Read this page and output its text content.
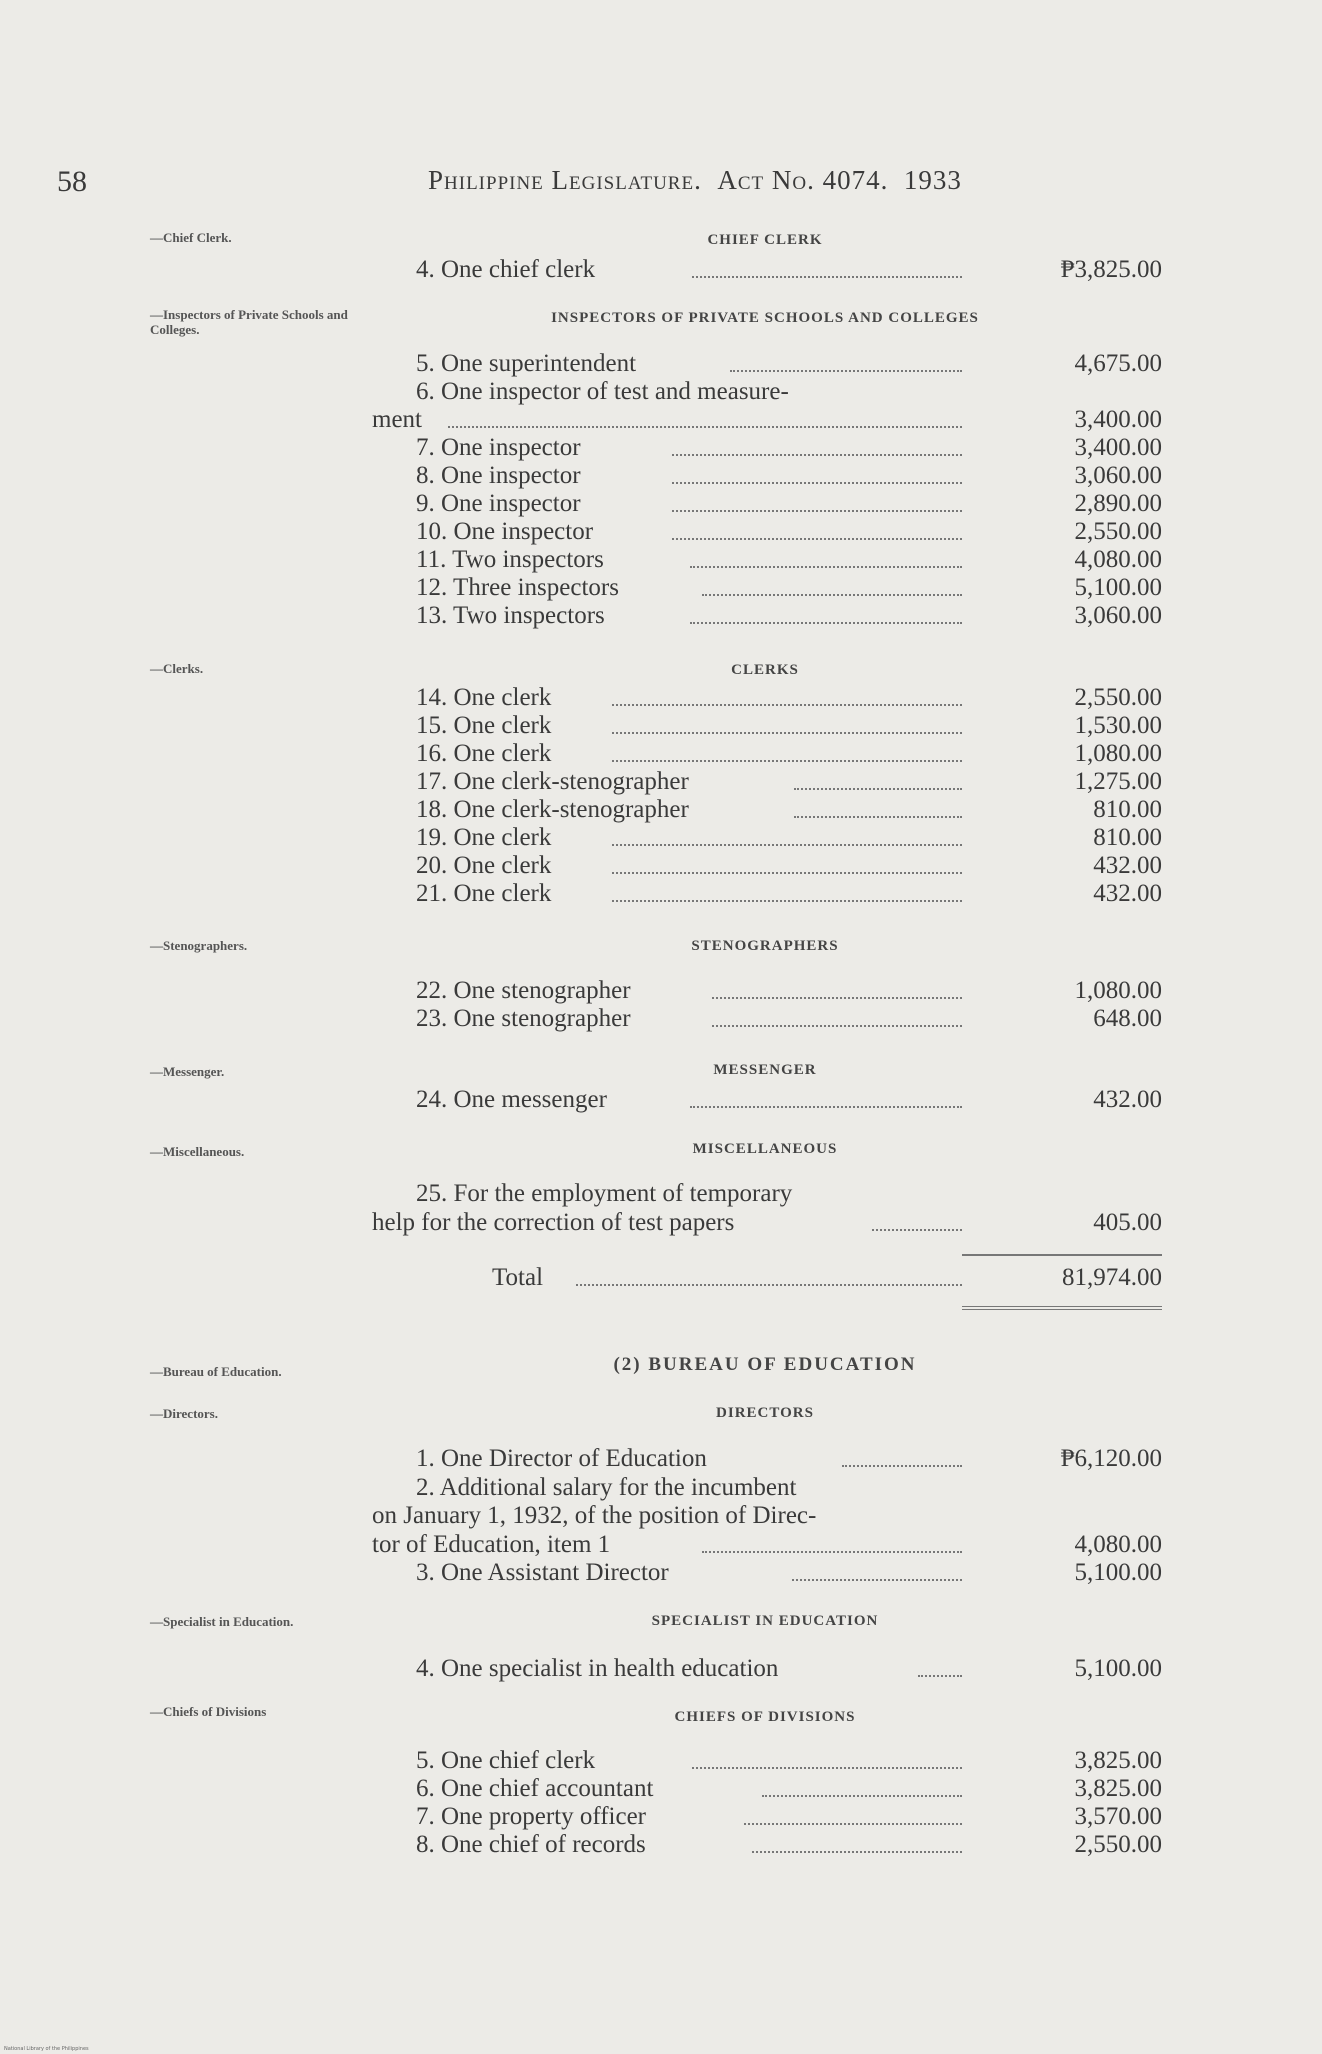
58	Philippine Legislature. Act No. 4074. 1933
—Chief Clerk.	CHIEF CLERK
4. One chief clerk	₱3,825.00
—Inspectors of Private Schools and Colleges.
INSPECTORS OF PRIVATE SCHOOLS AND COLLEGES
5. One superintendent	4,675.00
6. One inspector of test and measure-
ment	3,400.00
7. One inspector	3,400.00
8. One inspector	3,060.00
9. One inspector	2,890.00
10. One inspector	2,550.00
11. Two inspectors	4,080.00
12. Three inspectors	5,100.00
13. Two inspectors	3,060.00
—Clerks.	CLERKS
14. One clerk	2,550.00
15. One clerk	1,530.00
16. One clerk	1,080.00
17. One clerk-stenographer	1,275.00
18. One clerk-stenographer	810.00
19. One clerk	810.00
20. One clerk	432.00
21. One clerk	432.00
—Stenographers.	STENOGRAPHERS
22. One stenographer	1,080.00
23. One stenographer	648.00
—Messenger.	MESSENGER
24. One messenger	432.00
—Miscellaneous.	MISCELLANEOUS
25. For the employment of temporary
help for the correction of test papers	405.00
Total	81,974.00
—Bureau of Education.	(2) BUREAU OF EDUCATION
—Directors.	DIRECTORS
1. One Director of Education	₱6,120.00
2. Additional salary for the incumbent
on January 1, 1932, of the position of Direc-
tor of Education, item 1	4,080.00
3. One Assistant Director	5,100.00
—Specialist in Education.	SPECIALIST IN EDUCATION
4. One specialist in health education	5,100.00
—Chiefs of Divisions	CHIEFS OF DIVISIONS
5. One chief clerk	3,825.00
6. One chief accountant	3,825.00
7. One property officer	3,570.00
8. One chief of records	2,550.00
National Library of the Philippines
